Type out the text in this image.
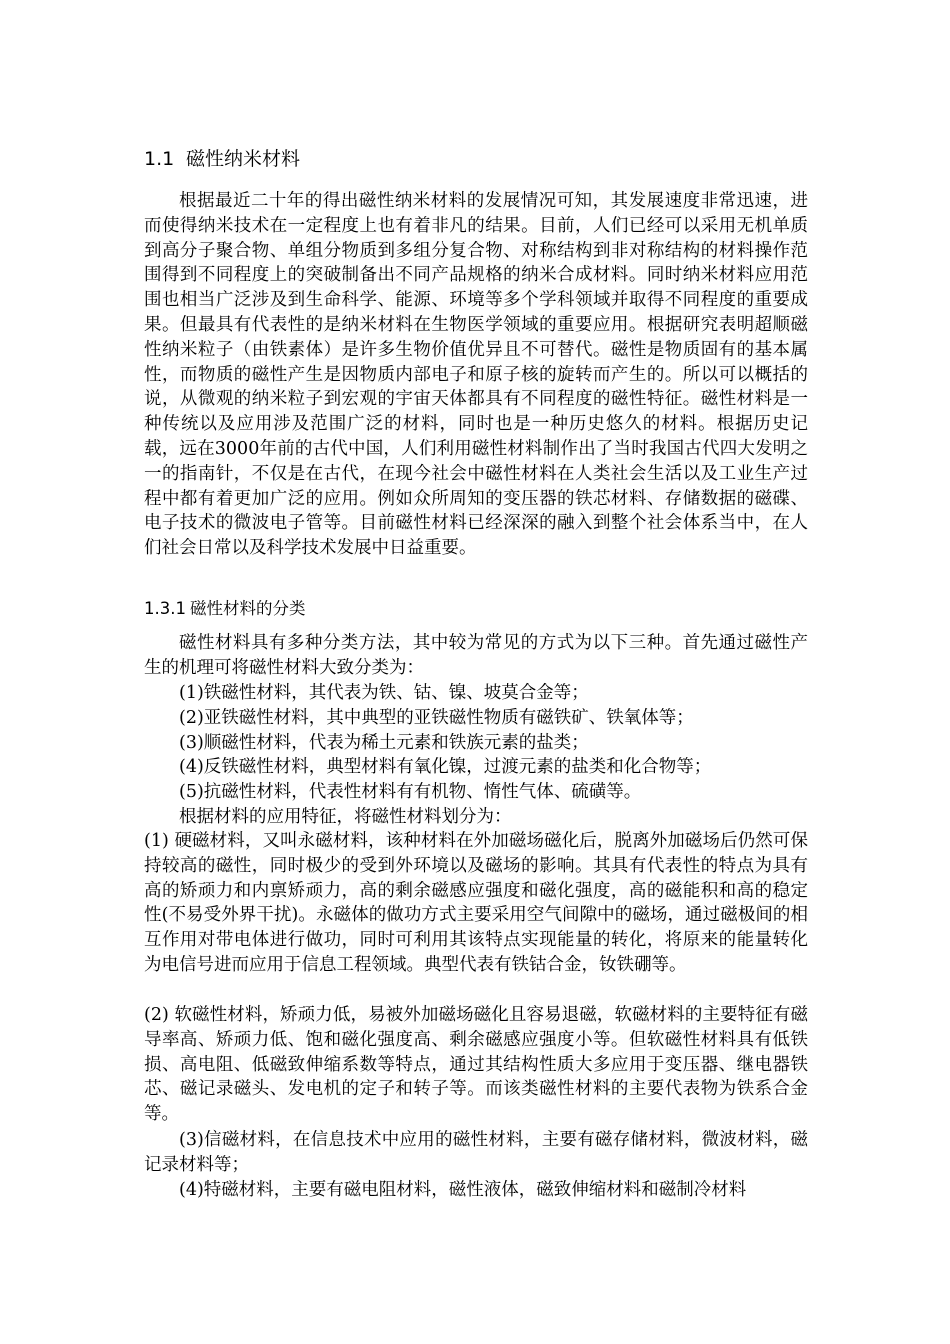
1.1 磁性纳米材料

根据最近二十年的得出磁性纳米材料的发展情况可知，其发展速度非常迅速，进而使得纳米技术在一定程度上也有着非凡的结果。目前，人们已经可以采用无机单质到高分子聚合物、单组分物质到多组分复合物、对称结构到非对称结构的材料操作范围得到不同程度上的突破制备出不同产品规格的纳米合成材料。同时纳米材料应用范围也相当广泛涉及到生命科学、能源、环境等多个学科领域并取得不同程度的重要成果。但最具有代表性的是纳米材料在生物医学领域的重要应用。根据研究表明超顺磁性纳米粒子（由铁素体）是许多生物价值优异且不可替代。磁性是物质固有的基本属性，而物质的磁性产生是因物质内部电子和原子核的旋转而产生的。所以可以概括的说，从微观的纳米粒子到宏观的宇宙天体都具有不同程度的磁性特征。磁性材料是一种传统以及应用涉及范围广泛的材料，同时也是一种历史悠久的材料。根据历史记载，远在3000年前的古代中国，人们利用磁性材料制作出了当时我国古代四大发明之一的指南针，不仅是在古代，在现今社会中磁性材料在人类社会生活以及工业生产过程中都有着更加广泛的应用。例如众所周知的变压器的铁芯材料、存储数据的磁碟、电子技术的微波电子管等。目前磁性材料已经深深的融入到整个社会体系当中，在人们社会日常以及科学技术发展中日益重要。

1.3.1 磁性材料的分类

磁性材料具有多种分类方法，其中较为常见的方式为以下三种。首先通过磁性产生的机理可将磁性材料大致分类为：

(1)铁磁性材料，其代表为铁、钴、镍、坡莫合金等；

(2)亚铁磁性材料，其中典型的亚铁磁性物质有磁铁矿、铁氧体等；

(3)顺磁性材料，代表为稀土元素和铁族元素的盐类；

(4)反铁磁性材料，典型材料有氧化镍，过渡元素的盐类和化合物等；

(5)抗磁性材料，代表性材料有有机物、惰性气体、硫磺等。

根据材料的应用特征，将磁性材料划分为：

(1) 硬磁材料，又叫永磁材料，该种材料在外加磁场磁化后，脱离外加磁场后仍然可保持较高的磁性，同时极少的受到外环境以及磁场的影响。其具有代表性的特点为具有高的矫顽力和内禀矫顽力，高的剩余磁感应强度和磁化强度，高的磁能积和高的稳定性(不易受外界干扰)。永磁体的做功方式主要采用空气间隙中的磁场，通过磁极间的相互作用对带电体进行做功，同时可利用其该特点实现能量的转化，将原来的能量转化为电信号进而应用于信息工程领域。典型代表有铁钴合金，钕铁硼等。

(2) 软磁性材料，矫顽力低，易被外加磁场磁化且容易退磁，软磁材料的主要特征有磁导率高、矫顽力低、饱和磁化强度高、剩余磁感应强度小等。但软磁性材料具有低铁损、高电阻、低磁致伸缩系数等特点，通过其结构性质大多应用于变压器、继电器铁芯、磁记录磁头、发电机的定子和转子等。而该类磁性材料的主要代表物为铁系合金等。

(3)信磁材料，在信息技术中应用的磁性材料，主要有磁存储材料，微波材料，磁记录材料等；

(4)特磁材料，主要有磁电阻材料，磁性液体，磁致伸缩材料和磁制冷材料
